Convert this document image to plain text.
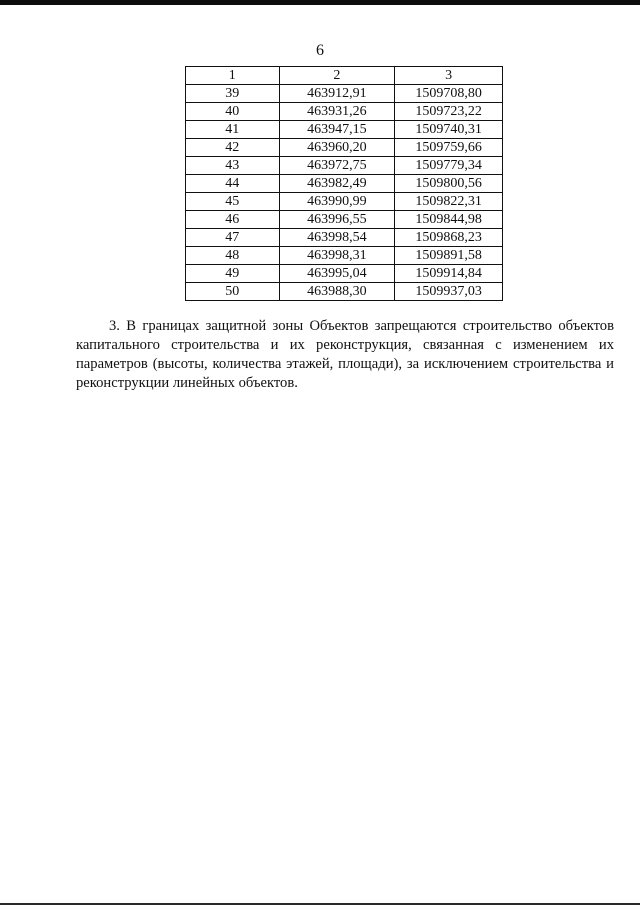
6
1	2	3
39	463912,91	1509708,80
40	463931,26	1509723,22
41	463947,15	1509740,31
42	463960,20	1509759,66
43	463972,75	1509779,34
44	463982,49	1509800,56
45	463990,99	1509822,31
46	463996,55	1509844,98
47	463998,54	1509868,23
48	463998,31	1509891,58
49	463995,04	1509914,84
50	463988,30	1509937,03

3. В границах защитной зоны Объектов запрещаются строительство объектов капитального строительства и их реконструкция, связанная с изменением их параметров (высоты, количества этажей, площади), за исключением строительства и реконструкции линейных объектов.
